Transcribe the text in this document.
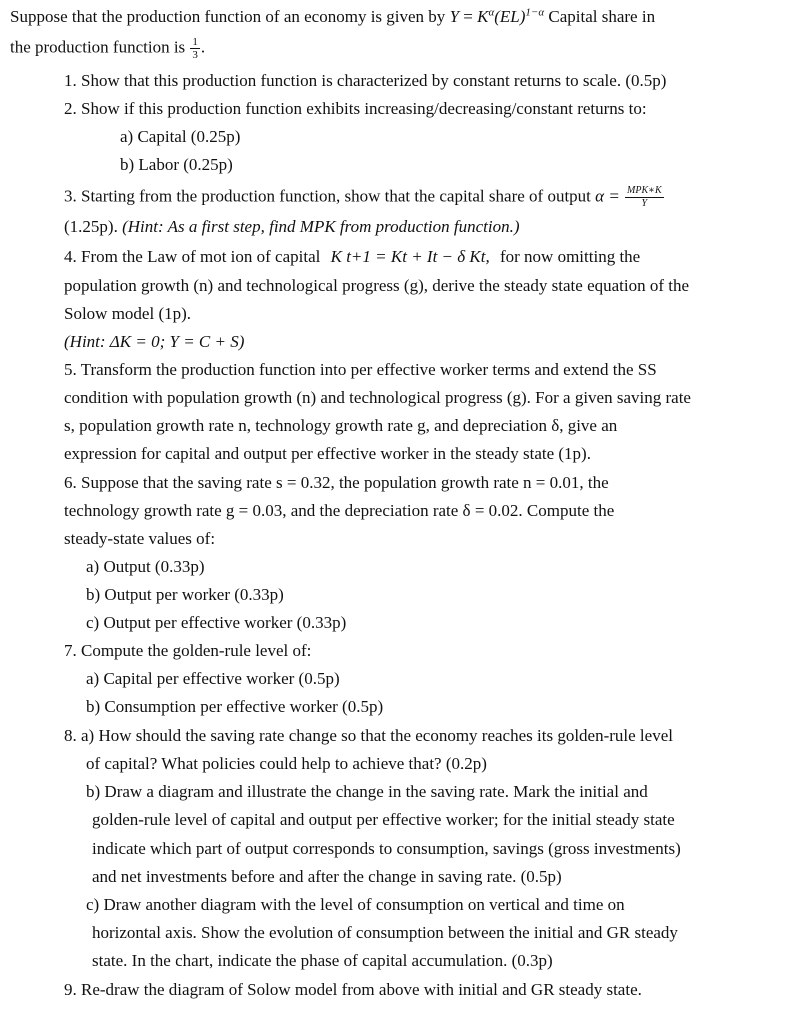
Suppose that the production function of an economy is given by $Y = K^\alpha(EL)^{1-\alpha}$ Capital share in
the production function is $\frac{1}{3}$ .
1. Show that this production function is characterized by constant returns to scale. (0.5p)
2. Show if this production function exhibits increasing/decreasing/constant returns to:
a) Capital (0.25p)
b) Labor (0.25p)
3. Starting from the production function, show that the capital share of output $\alpha = \frac{\text{MPK∗K}}{Y}$
(1.25p). (Hint: As a first step, find MPK from production function.)
4. From the Law of mot ion of capital K t+1 = Kt + It − δ Kt, for now omitting the
population growth (n) and technological progress (g), derive the steady state equation of the
Solow model (1p).
(Hint: ΔK = 0; Y = C + S)
5. Transform the production function into per effective worker terms and extend the SS
condition with population growth (n) and technological progress (g). For a given saving rate
s, population growth rate n, technology growth rate g, and depreciation δ, give an
expression for capital and output per effective worker in the steady state (1p).
6. Suppose that the saving rate s = 0.32, the population growth rate n = 0.01, the
technology growth rate g = 0.03, and the depreciation rate δ = 0.02. Compute the
steady-state values of:
a) Output (0.33p)
b) Output per worker (0.33p)
c) Output per effective worker (0.33p)
7. Compute the golden-rule level of:
a) Capital per effective worker (0.5p)
b) Consumption per effective worker (0.5p)
8. a) How should the saving rate change so that the economy reaches its golden-rule level
of capital? What policies could help to achieve that? (0.2p)
b) Draw a diagram and illustrate the change in the saving rate. Mark the initial and
golden-rule level of capital and output per effective worker; for the initial steady state
indicate which part of output corresponds to consumption, savings (gross investments)
and net investments before and after the change in saving rate. (0.5p)
c) Draw another diagram with the level of consumption on vertical and time on
horizontal axis. Show the evolution of consumption between the initial and GR steady
state. In the chart, indicate the phase of capital accumulation. (0.3p)
9. Re-draw the diagram of Solow model from above with initial and GR steady state.
